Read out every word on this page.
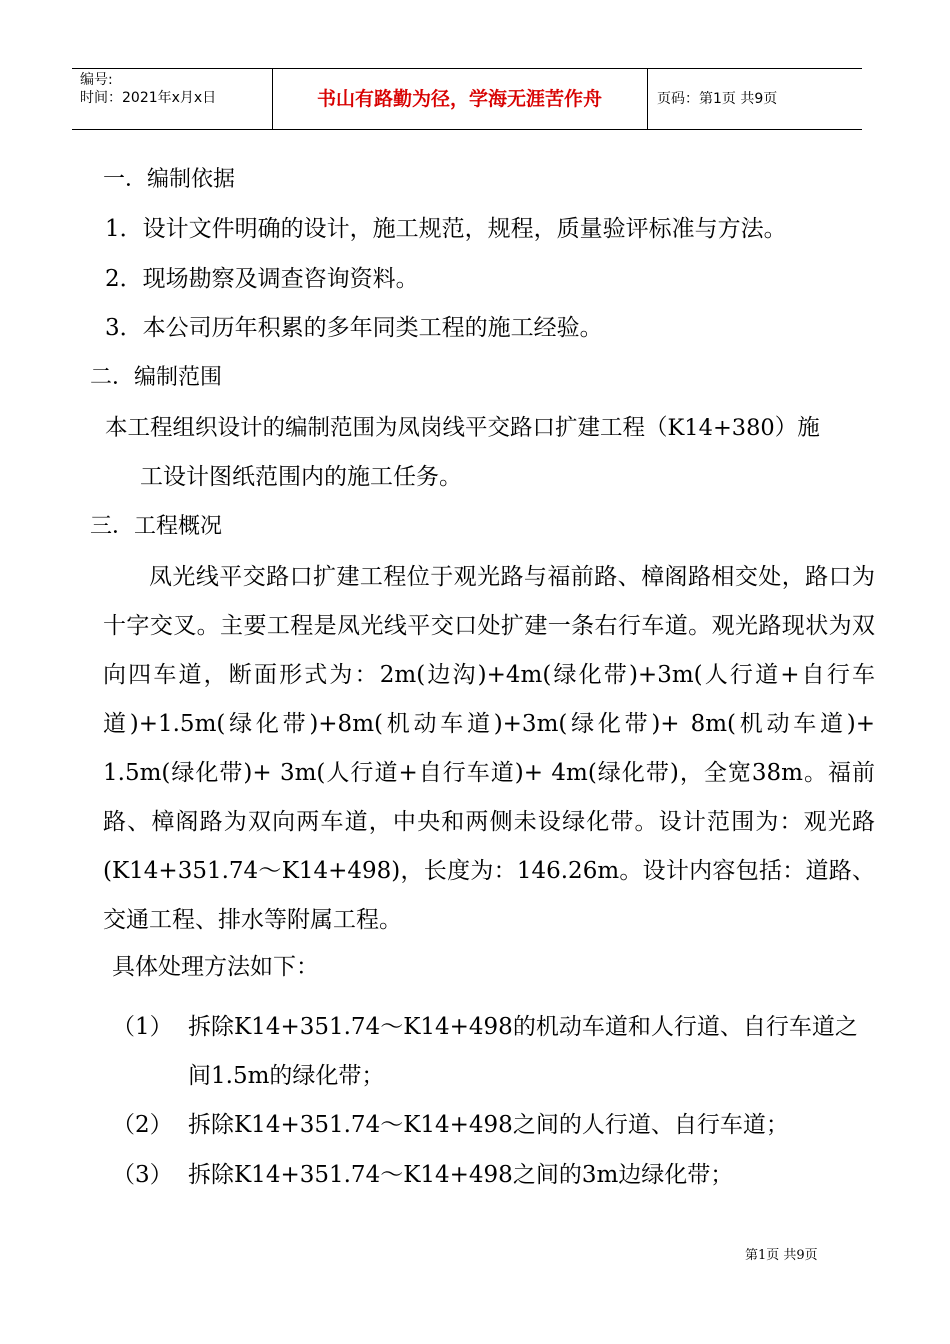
编号:
时间：2021年x月x日	书山有路勤为径，学海无涯苦作舟	页码：第1页 共9页
一．编制依据
1．设计文件明确的设计，施工规范，规程，质量验评标准与方法。
2．现场勘察及调查咨询资料。
3．本公司历年积累的多年同类工程的施工经验。
二．编制范围
本工程组织设计的编制范围为凤岗线平交路口扩建工程（K14+380）施
工设计图纸范围内的施工任务。
三．工程概况
凤光线平交路口扩建工程位于观光路与福前路、樟阁路相交处，路口为十字交叉。主要工程是凤光线平交口处扩建一条右行车道。观光路现状为双向四车道，断面形式为：2m(边沟)+4m(绿化带)+3m(人行道+自行车道)+1.5m(绿化带)+8m(机动车道)+3m(绿化带)+ 8m(机动车道)+ 1.5m(绿化带)+ 3m(人行道+自行车道)+ 4m(绿化带)，全宽38m。福前路、樟阁路为双向两车道，中央和两侧未设绿化带。设计范围为：观光路(K14+351.74～K14+498)，长度为：146.26m。设计内容包括：道路、交通工程、排水等附属工程。
具体处理方法如下：
（1） 拆除K14+351.74～K14+498的机动车道和人行道、自行车道之
间1.5m的绿化带；
（2） 拆除K14+351.74～K14+498之间的人行道、自行车道；
（3） 拆除K14+351.74～K14+498之间的3m边绿化带；
第1页 共9页
